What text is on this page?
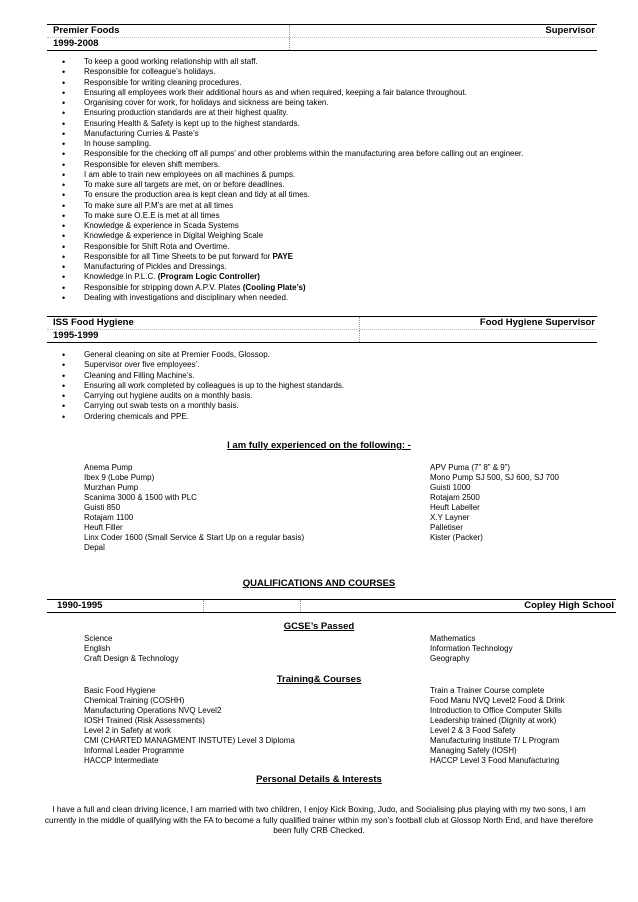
Premier Foods	Supervisor
1999-2008
• To keep a good working relationship with all staff.
• Responsible for colleague’s holidays.
• Responsible for writing cleaning procedures.
• Ensuring all employees work their additional hours as and when required, keeping a fair balance throughout.
• Organising cover for work, for holidays and sickness are being taken.
• Ensuring production standards are at their highest quality.
• Ensuring Health & Safety is kept up to the highest standards.
• Manufacturing Curries & Paste’s
• In house sampling.
• Responsible for the checking off all pumps’ and other problems within the manufacturing area before calling out an engineer.
• Responsible for eleven shift members.
• I am able to train new employees on all machines & pumps.
• To make sure all targets are met, on or before deadlines.
• To ensure the production area is kept clean and tidy at all times.
• To make sure all P.M’s are met at all times
• To make sure O.E.E is met at all times
• Knowledge & experience in Scada Systems
• Knowledge & experience in Digital Weighing Scale
• Responsible for Shift Rota and Overtime.
• Responsible for all Time Sheets to be put forward for PAYE
• Manufacturing of Pickles and Dressings.
• Knowledge in P.L.C. (Program Logic Controller)
• Responsible for stripping down A.P.V. Plates (Cooling Plate’s)
• Dealing with investigations and disciplinary when needed.
ISS Food Hygiene	Food Hygiene Supervisor
1995-1999
• General cleaning on site at Premier Foods, Glossop.
• Supervisor over five employees’.
• Cleaning and Filling Machine’s.
• Ensuring all work completed by colleagues is up to the highest standards.
• Carrying out hygiene audits on a monthly basis.
• Carrying out swab tests on a monthly basis.
• Ordering chemicals and PPE.
I am fully experienced on the following: -
Anema Pump	APV Puma (7” 8” & 9”)
Ibex 9 (Lobe Pump)	Mono Pump SJ 500, SJ 600, SJ 700
Murzhan Pump	Guisti 1000
Scanima 3000 & 1500 with PLC	Rotajam 2500
Guisti 850	Heuft Labeller
Rotajam 1100	X.Y Layner
Heuft Filler	Palletiser
Linx Coder 1600 (Small Service & Start Up on a regular basis)	Kister (Packer)
Depal
QUALIFICATIONS AND COURSES
1990-1995	Copley High School
GCSE’s Passed
Science	Mathematics
English	Information Technology
Craft Design & Technology	Geography
Training& Courses
Basic Food Hygiene	Train a Trainer Course complete
Chemical Training (COSHH)	Food Manu NVQ Level2 Food & Drink
Manufacturing Operations NVQ Level2	Introduction to Office Computer Skills
IOSH Trained (Risk Assessments)	Leadership trained (Dignity at work)
Level 2 in Safety at work	Level 2 & 3 Food Safety
CMI (CHARTED MANAGMENT INSTUTE) Level 3 Diploma	Manufacturing Institute T/ L Program
Informal Leader Programme	Managing Safely (IOSH)
HACCP Intermediate	HACCP Level 3 Food Manufacturing
Personal Details & Interests
I have a full and clean driving licence, I am married with two children, I enjoy Kick Boxing, Judo, and Socialising plus playing with my two sons, I am currently in the middle of qualifying with the FA to become a fully qualified trainer within my son’s football club at Glossop North End, and have therefore been fully CRB Checked.
